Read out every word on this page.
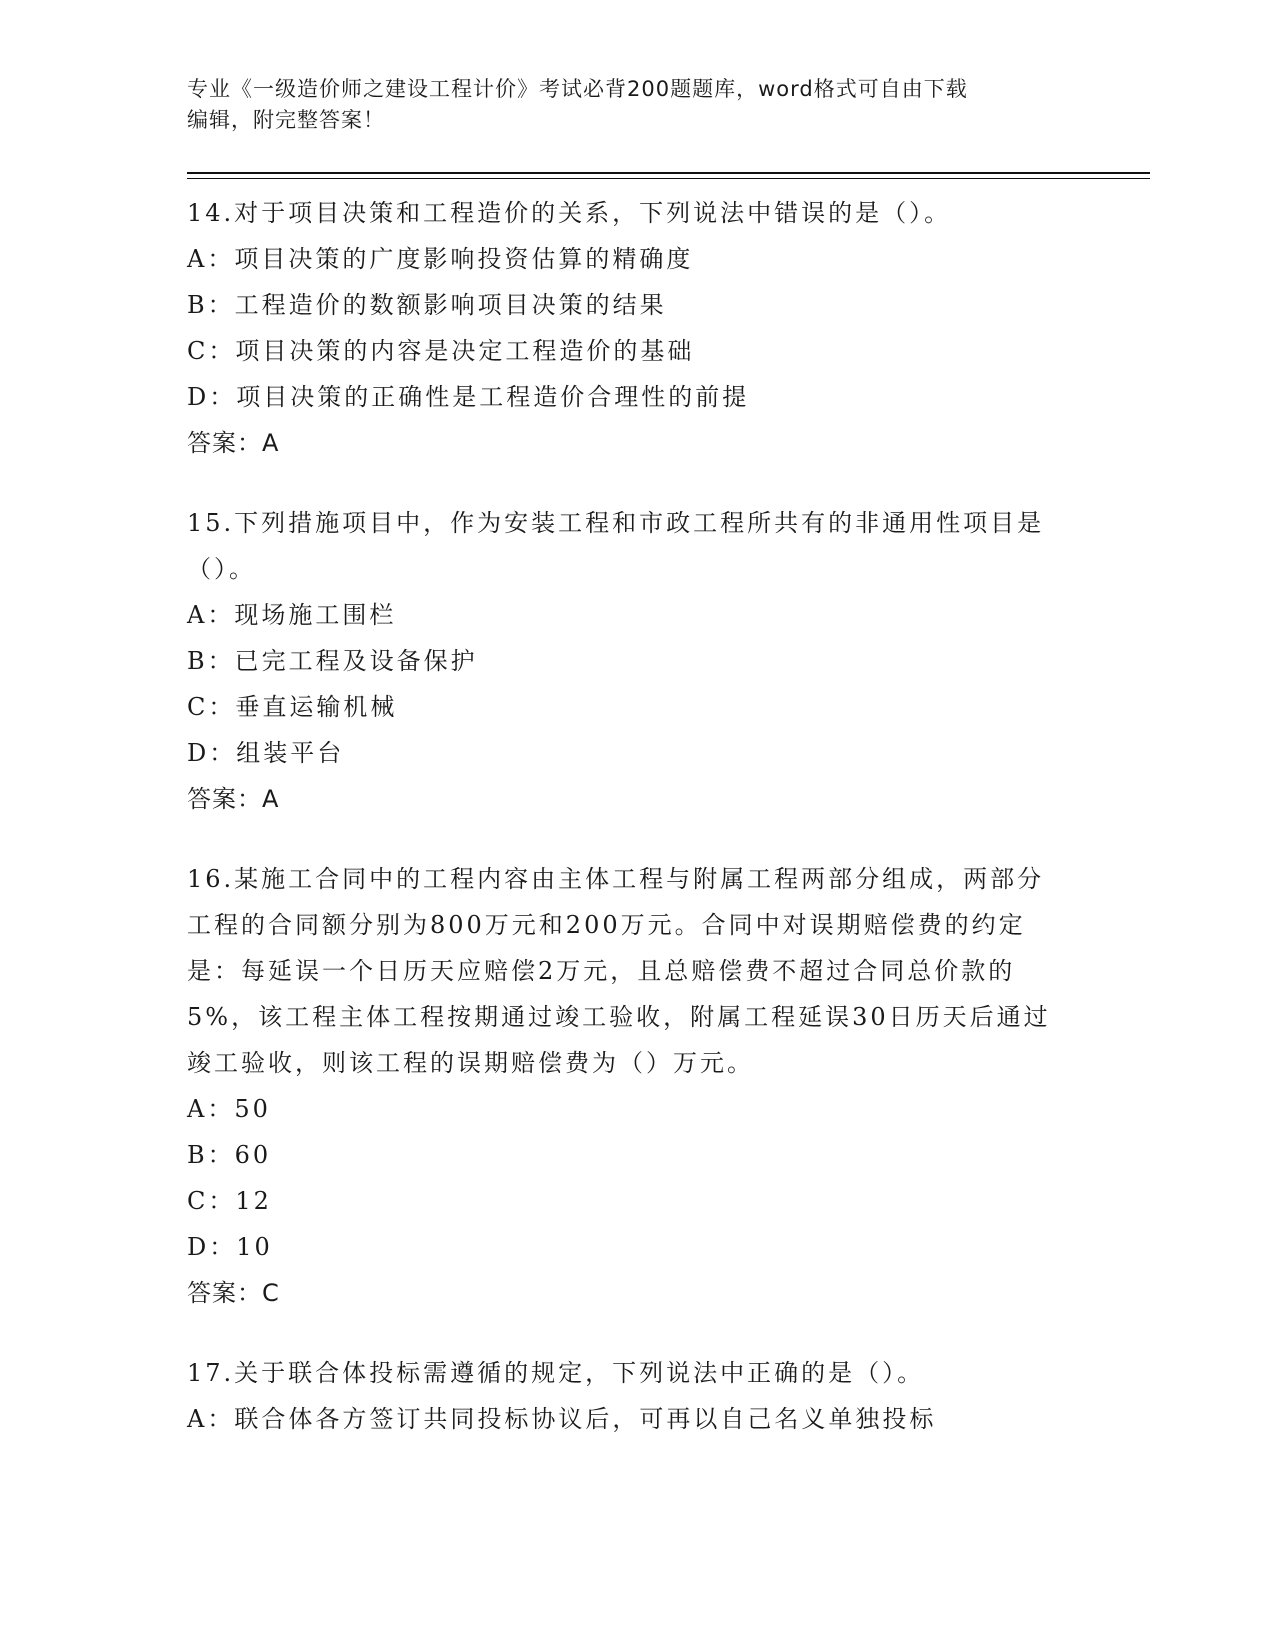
专业《一级造价师之建设工程计价》考试必背200题题库，word格式可自由下载
编辑，附完整答案！
14.对于项目决策和工程造价的关系，下列说法中错误的是（）。
A：项目决策的广度影响投资估算的精确度
B：工程造价的数额影响项目决策的结果
C：项目决策的内容是决定工程造价的基础
D：项目决策的正确性是工程造价合理性的前提
答案：A
15.下列措施项目中，作为安装工程和市政工程所共有的非通用性项目是（）。
A：现场施工围栏
B：已完工程及设备保护
C：垂直运输机械
D：组装平台
答案：A
16.某施工合同中的工程内容由主体工程与附属工程两部分组成，两部分工程的合同额分别为800万元和200万元。合同中对误期赔偿费的约定是：每延误一个日历天应赔偿2万元，且总赔偿费不超过合同总价款的5%，该工程主体工程按期通过竣工验收，附属工程延误30日历天后通过竣工验收，则该工程的误期赔偿费为（）万元。
A：50
B：60
C：12
D：10
答案：C
17.关于联合体投标需遵循的规定，下列说法中正确的是（）。
A：联合体各方签订共同投标协议后，可再以自己名义单独投标
